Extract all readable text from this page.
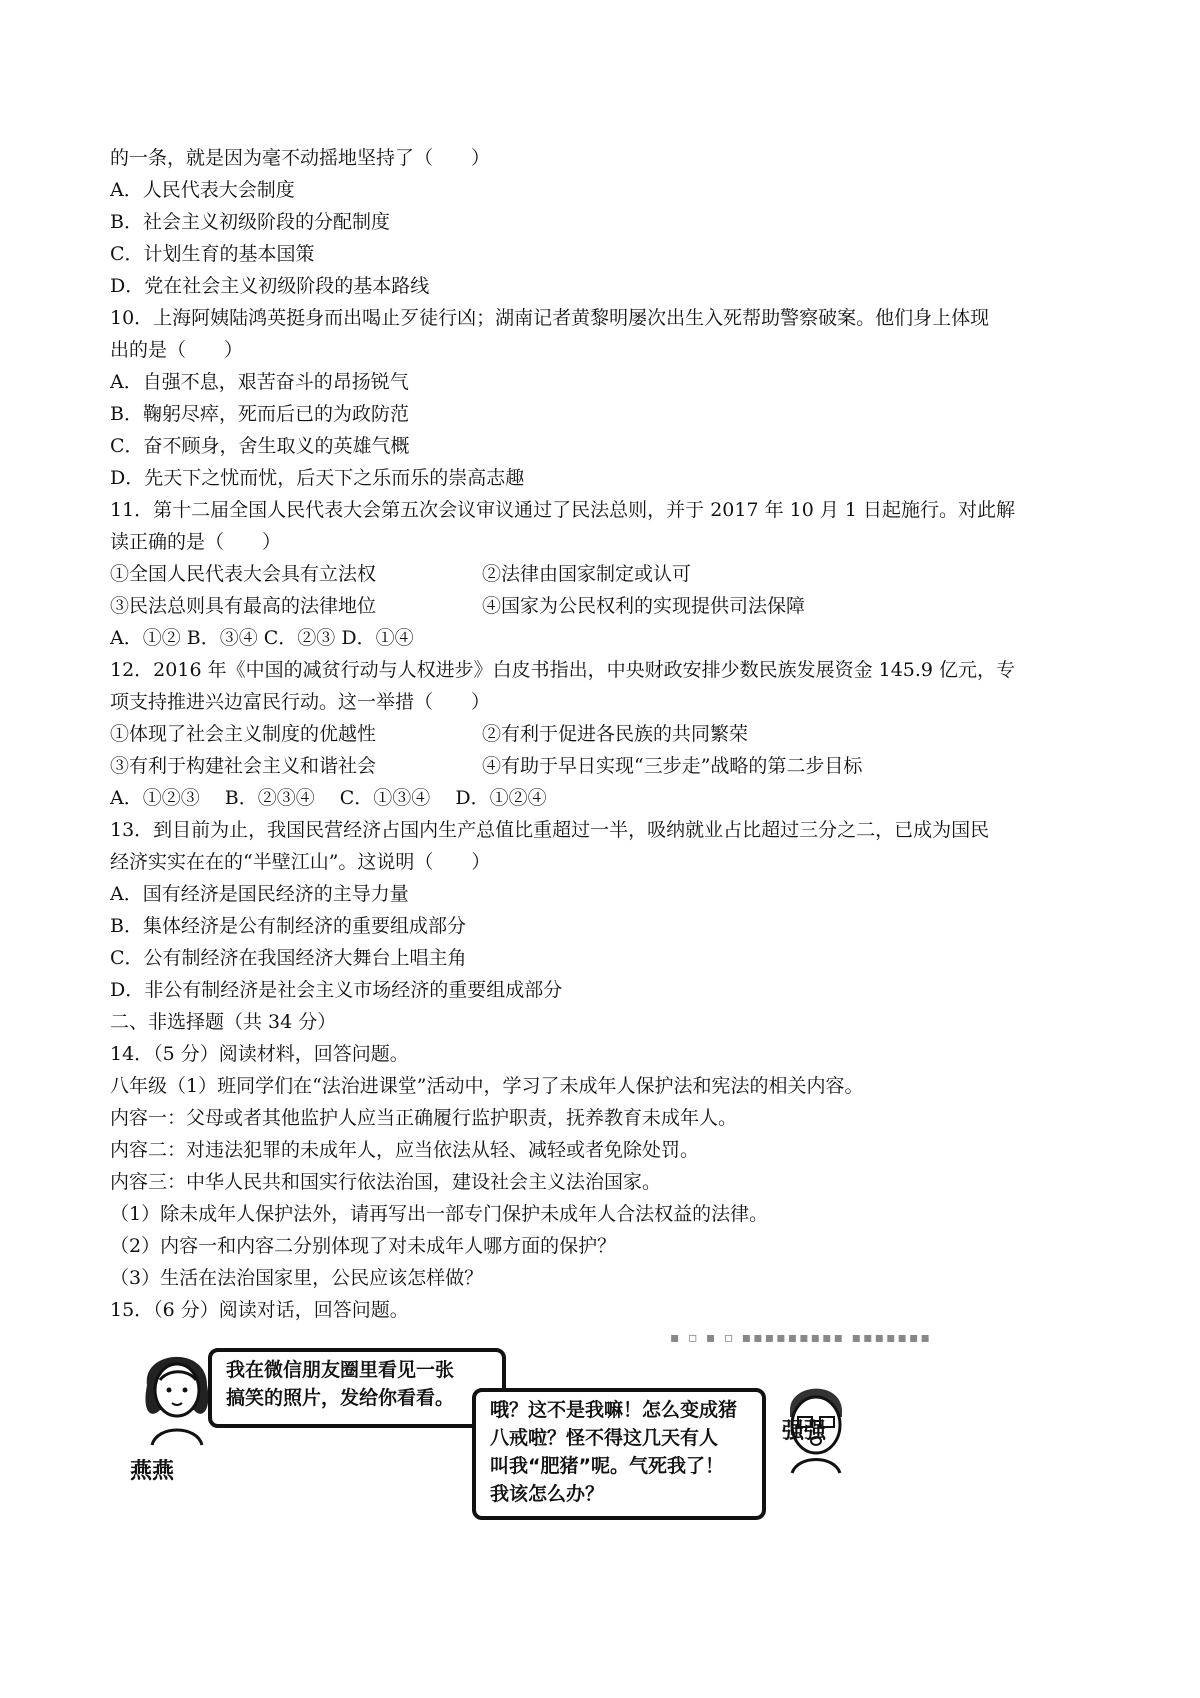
的一条，就是因为毫不动摇地坚持了（　　）
A．人民代表大会制度
B．社会主义初级阶段的分配制度
C．计划生育的基本国策
D．党在社会主义初级阶段的基本路线
10．上海阿姨陆鸿英挺身而出喝止歹徒行凶；湖南记者黄黎明屡次出生入死帮助警察破案。他们身上体现
出的是（　　）
A．自强不息，艰苦奋斗的昂扬锐气
B．鞠躬尽瘁，死而后已的为政防范
C．奋不顾身，舍生取义的英雄气概
D．先天下之忧而忧，后天下之乐而乐的崇高志趣
11．第十二届全国人民代表大会第五次会议审议通过了民法总则，并于 2017 年 10 月 1 日起施行。对此解
读正确的是（　　）
①全国人民代表大会具有立法权	②法律由国家制定或认可
③民法总则具有最高的法律地位	④国家为公民权利的实现提供司法保障
A．①② B．③④ C．②③ D．①④
12．2016 年《中国的减贫行动与人权进步》白皮书指出，中央财政安排少数民族发展资金 145.9 亿元，专
项支持推进兴边富民行动。这一举措（　　）
①体现了社会主义制度的优越性	②有利于促进各民族的共同繁荣
③有利于构建社会主义和谐社会	④有助于早日实现“三步走”战略的第二步目标
A．①②③　 B．②③④　 C．①③④　 D．①②④
13．到目前为止，我国民营经济占国内生产总值比重超过一半，吸纳就业占比超过三分之二，已成为国民
经济实实在在的“半壁江山”。这说明（　　）
A．国有经济是国民经济的主导力量
B．集体经济是公有制经济的重要组成部分
C．公有制经济在我国经济大舞台上唱主角
D．非公有制经济是社会主义市场经济的重要组成部分
二、非选择题（共 34 分）
14．（5 分）阅读材料，回答问题。
八年级（1）班同学们在“法治进课堂”活动中，学习了未成年人保护法和宪法的相关内容。
内容一：父母或者其他监护人应当正确履行监护职责，抚养教育未成年人。
内容二：对违法犯罪的未成年人，应当依法从轻、减轻或者免除处罚。
内容三：中华人民共和国实行依法治国，建设社会主义法治国家。
（1）除未成年人保护法外，请再写出一部专门保护未成年人合法权益的法律。
（2）内容一和内容二分别体现了对未成年人哪方面的保护？
（3）生活在法治国家里，公民应该怎样做？
15．（6 分）阅读对话，回答问题。
燕燕
我在微信朋友圈里看见一张
搞笑的照片，发给你看看。
▪ ▫ ▪ ▫ ▪▪▪▪▪▪▪▪▪ ▪▪▪▪▪▪▪
哦？这不是我嘛！怎么变成猪
八戒啦？怪不得这几天有人
叫我“肥猪”呢。气死我了！
我该怎么办？
强强
